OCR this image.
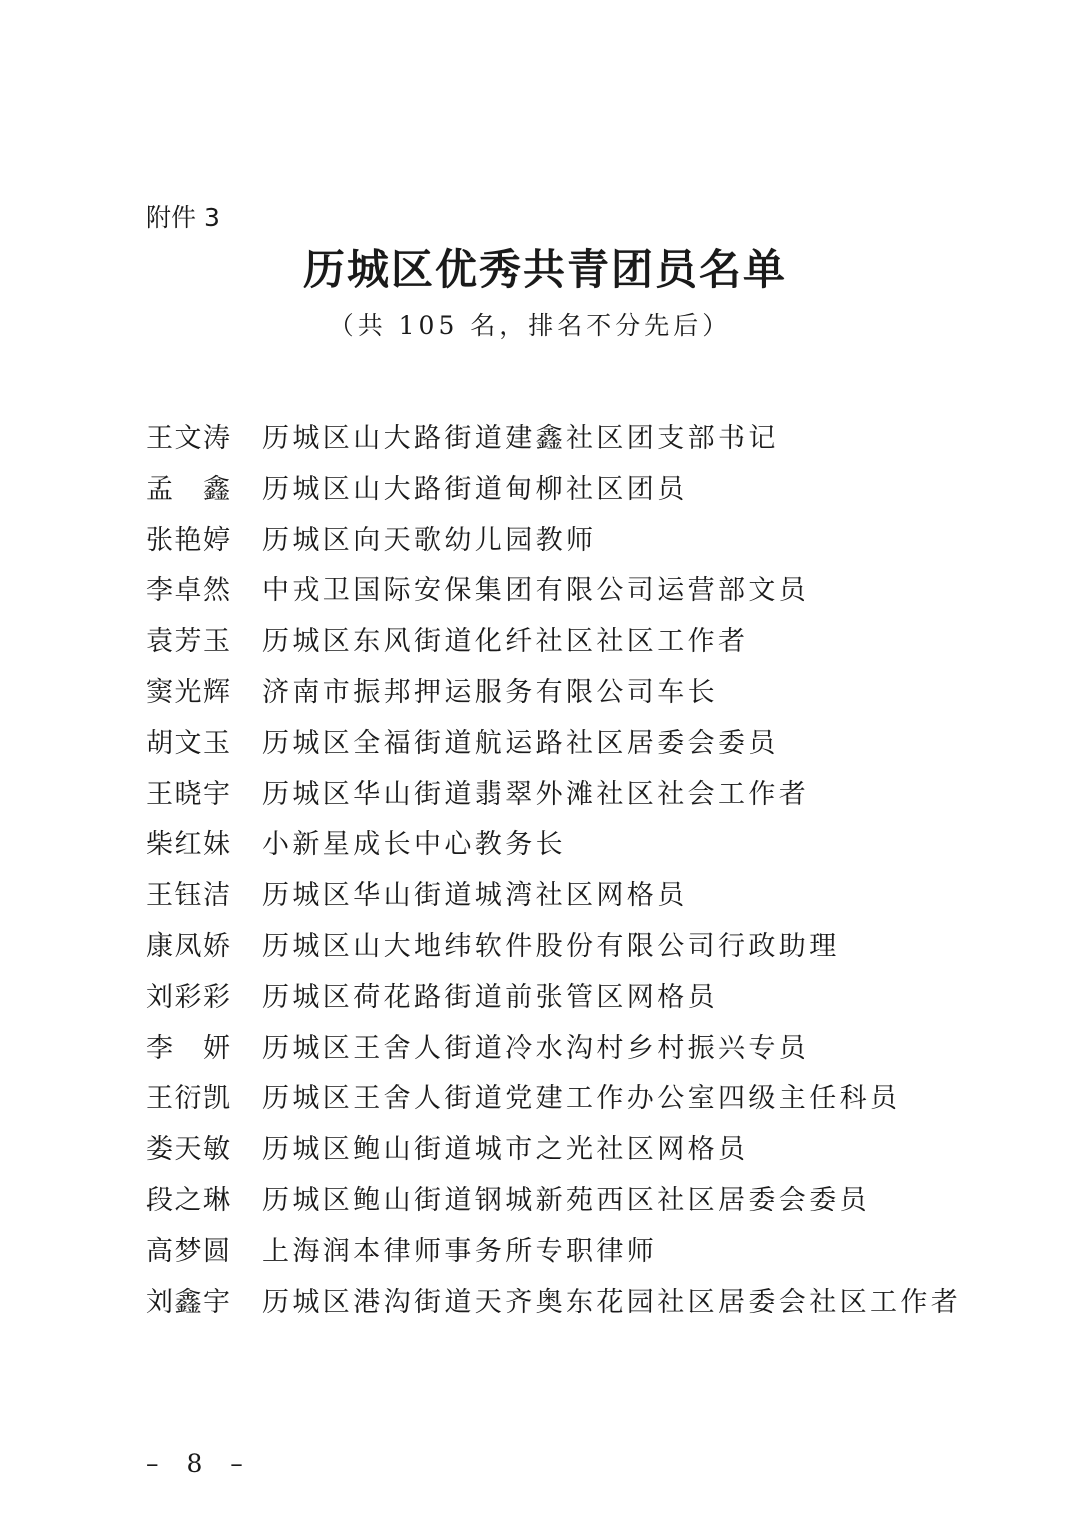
附件 3
历城区优秀共青团员名单
（共 105 名，排名不分先后）
王文涛 历城区山大路街道建鑫社区团支部书记
孟鑫 历城区山大路街道甸柳社区团员
张艳婷 历城区向天歌幼儿园教师
李卓然 中戎卫国际安保集团有限公司运营部文员
袁芳玉 历城区东风街道化纤社区社区工作者
窦光辉 济南市振邦押运服务有限公司车长
胡文玉 历城区全福街道航运路社区居委会委员
王晓宇 历城区华山街道翡翠外滩社区社会工作者
柴红妹 小新星成长中心教务长
王钰洁 历城区华山街道城湾社区网格员
康凤娇 历城区山大地纬软件股份有限公司行政助理
刘彩彩 历城区荷花路街道前张管区网格员
李妍 历城区王舍人街道冷水沟村乡村振兴专员
王衍凯 历城区王舍人街道党建工作办公室四级主任科员
娄天敏 历城区鲍山街道城市之光社区网格员
段之琳 历城区鲍山街道钢城新苑西区社区居委会委员
高梦圆 上海润本律师事务所专职律师
刘鑫宇 历城区港沟街道天齐奥东花园社区居委会社区工作者
– 8 –
